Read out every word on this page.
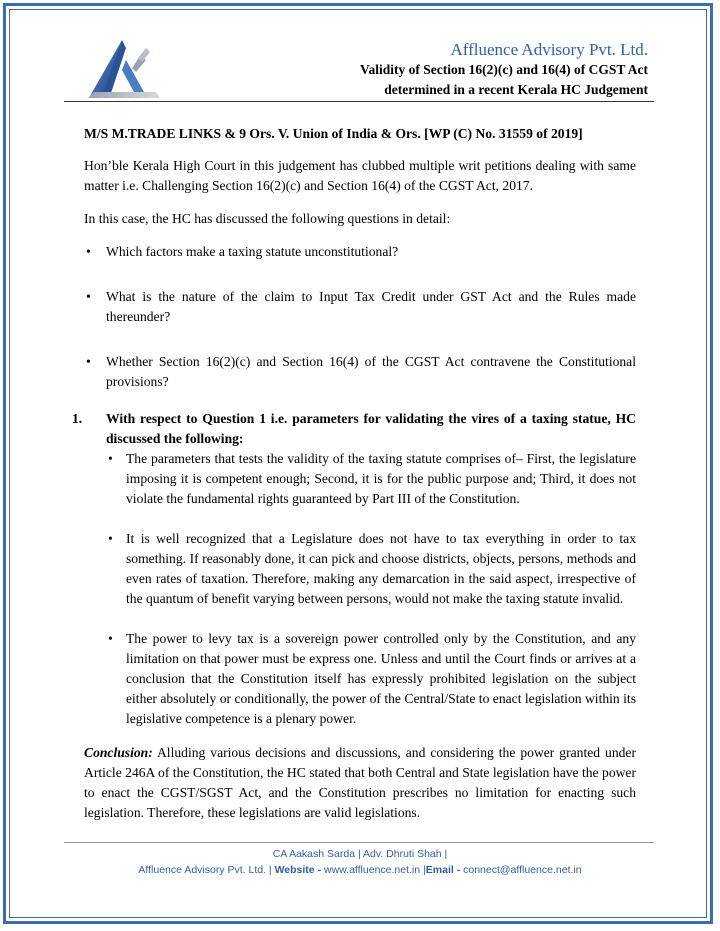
Affluence Advisory Pvt. Ltd.
Validity of Section 16(2)(c) and 16(4) of CGST Act
determined in a recent Kerala HC Judgement

M/S M.TRADE LINKS & 9 Ors. V. Union of India & Ors. [WP (C) No. 31559 of 2019]

Hon’ble Kerala High Court in this judgement has clubbed multiple writ petitions dealing with same matter i.e. Challenging Section 16(2)(c) and Section 16(4) of the CGST Act, 2017.

In this case, the HC has discussed the following questions in detail:

• Which factors make a taxing statute unconstitutional?
• What is the nature of the claim to Input Tax Credit under GST Act and the Rules made thereunder?
• Whether Section 16(2)(c) and Section 16(4) of the CGST Act contravene the Constitutional provisions?
1. With respect to Question 1 i.e. parameters for validating the vires of a taxing statue, HC discussed the following:

• The parameters that tests the validity of the taxing statute comprises of– First, the legislature imposing it is competent enough; Second, it is for the public purpose and; Third, it does not violate the fundamental rights guaranteed by Part III of the Constitution.
• It is well recognized that a Legislature does not have to tax everything in order to tax something. If reasonably done, it can pick and choose districts, objects, persons, methods and even rates of taxation. Therefore, making any demarcation in the said aspect, irrespective of the quantum of benefit varying between persons, would not make the taxing statute invalid.
• The power to levy tax is a sovereign power controlled only by the Constitution, and any limitation on that power must be express one. Unless and until the Court finds or arrives at a conclusion that the Constitution itself has expressly prohibited legislation on the subject either absolutely or conditionally, the power of the Central/State to enact legislation within its legislative competence is a plenary power.

Conclusion: Alluding various decisions and discussions, and considering the power granted under Article 246A of the Constitution, the HC stated that both Central and State legislation have the power to enact the CGST/SGST Act, and the Constitution prescribes no limitation for enacting such legislation. Therefore, these legislations are valid legislations.

CA Aakash Sarda | Adv. Dhruti Shah |
Affluence Advisory Pvt. Ltd. | Website - www.affluence.net.in |Email - connect@affluence.net.in
